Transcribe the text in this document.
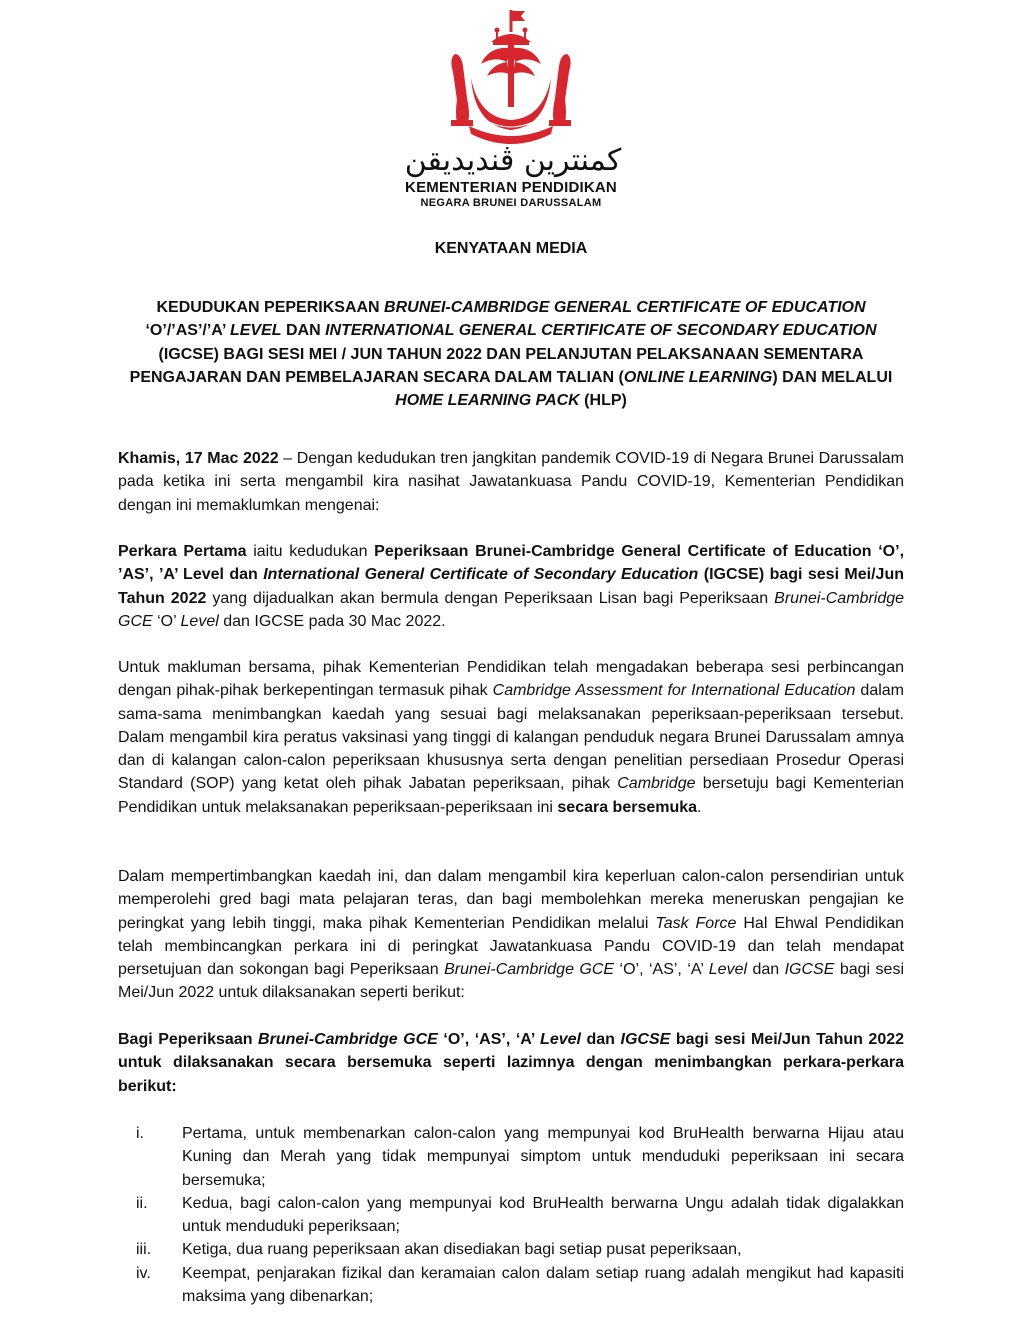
كمنترين ڤنديديقن
KEMENTERIAN PENDIDIKAN
NEGARA BRUNEI DARUSSALAM
KENYATAAN MEDIA
KEDUDUKAN PEPERIKSAAN BRUNEI-CAMBRIDGE GENERAL CERTIFICATE OF EDUCATION
‘O’/’AS’/’A’ LEVEL DAN INTERNATIONAL GENERAL CERTIFICATE OF SECONDARY EDUCATION (IGCSE) BAGI SESI MEI / JUN TAHUN 2022 DAN PELANJUTAN PELAKSANAAN SEMENTARA PENGAJARAN DAN PEMBELAJARAN SECARA DALAM TALIAN (ONLINE LEARNING) DAN MELALUI HOME LEARNING PACK (HLP)

Khamis, 17 Mac 2022 – Dengan kedudukan tren jangkitan pandemik COVID-19 di Negara Brunei Darussalam pada ketika ini serta mengambil kira nasihat Jawatankuasa Pandu COVID-19, Kementerian Pendidikan dengan ini memaklumkan mengenai:

Perkara Pertama iaitu kedudukan Peperiksaan Brunei-Cambridge General Certificate of Education ‘O’, ’AS’, ’A’ Level dan International General Certificate of Secondary Education (IGCSE) bagi sesi Mei/Jun Tahun 2022 yang dijadualkan akan bermula dengan Peperiksaan Lisan bagi Peperiksaan Brunei-Cambridge GCE ‘O’ Level dan IGCSE pada 30 Mac 2022.

Untuk makluman bersama, pihak Kementerian Pendidikan telah mengadakan beberapa sesi perbincangan dengan pihak-pihak berkepentingan termasuk pihak Cambridge Assessment for International Education dalam sama-sama menimbangkan kaedah yang sesuai bagi melaksanakan peperiksaan-peperiksaan tersebut. Dalam mengambil kira peratus vaksinasi yang tinggi di kalangan penduduk negara Brunei Darussalam amnya dan di kalangan calon-calon peperiksaan khususnya serta dengan penelitian persediaan Prosedur Operasi Standard (SOP) yang ketat oleh pihak Jabatan peperiksaan, pihak Cambridge bersetuju bagi Kementerian Pendidikan untuk melaksanakan peperiksaan-peperiksaan ini secara bersemuka.

Dalam mempertimbangkan kaedah ini, dan dalam mengambil kira keperluan calon-calon persendirian untuk memperolehi gred bagi mata pelajaran teras, dan bagi membolehkan mereka meneruskan pengajian ke peringkat yang lebih tinggi, maka pihak Kementerian Pendidikan melalui Task Force Hal Ehwal Pendidikan telah membincangkan perkara ini di peringkat Jawatankuasa Pandu COVID-19 dan telah mendapat persetujuan dan sokongan bagi Peperiksaan Brunei-Cambridge GCE ‘O’, ‘AS’, ‘A’ Level dan IGCSE bagi sesi Mei/Jun 2022 untuk dilaksanakan seperti berikut:

Bagi Peperiksaan Brunei-Cambridge GCE ‘O’, ‘AS’, ‘A’ Level dan IGCSE bagi sesi Mei/Jun Tahun 2022 untuk dilaksanakan secara bersemuka seperti lazimnya dengan menimbangkan perkara-perkara berikut:

i.	Pertama, untuk membenarkan calon-calon yang mempunyai kod BruHealth berwarna Hijau atau Kuning dan Merah yang tidak mempunyai simptom untuk menduduki peperiksaan ini secara bersemuka;
ii.	Kedua, bagi calon-calon yang mempunyai kod BruHealth berwarna Ungu adalah tidak digalakkan untuk menduduki peperiksaan;
iii.	Ketiga, dua ruang peperiksaan akan disediakan bagi setiap pusat peperiksaan,
iv.	Keempat, penjarakan fizikal dan keramaian calon dalam setiap ruang adalah mengikut had kapasiti maksima yang dibenarkan;
